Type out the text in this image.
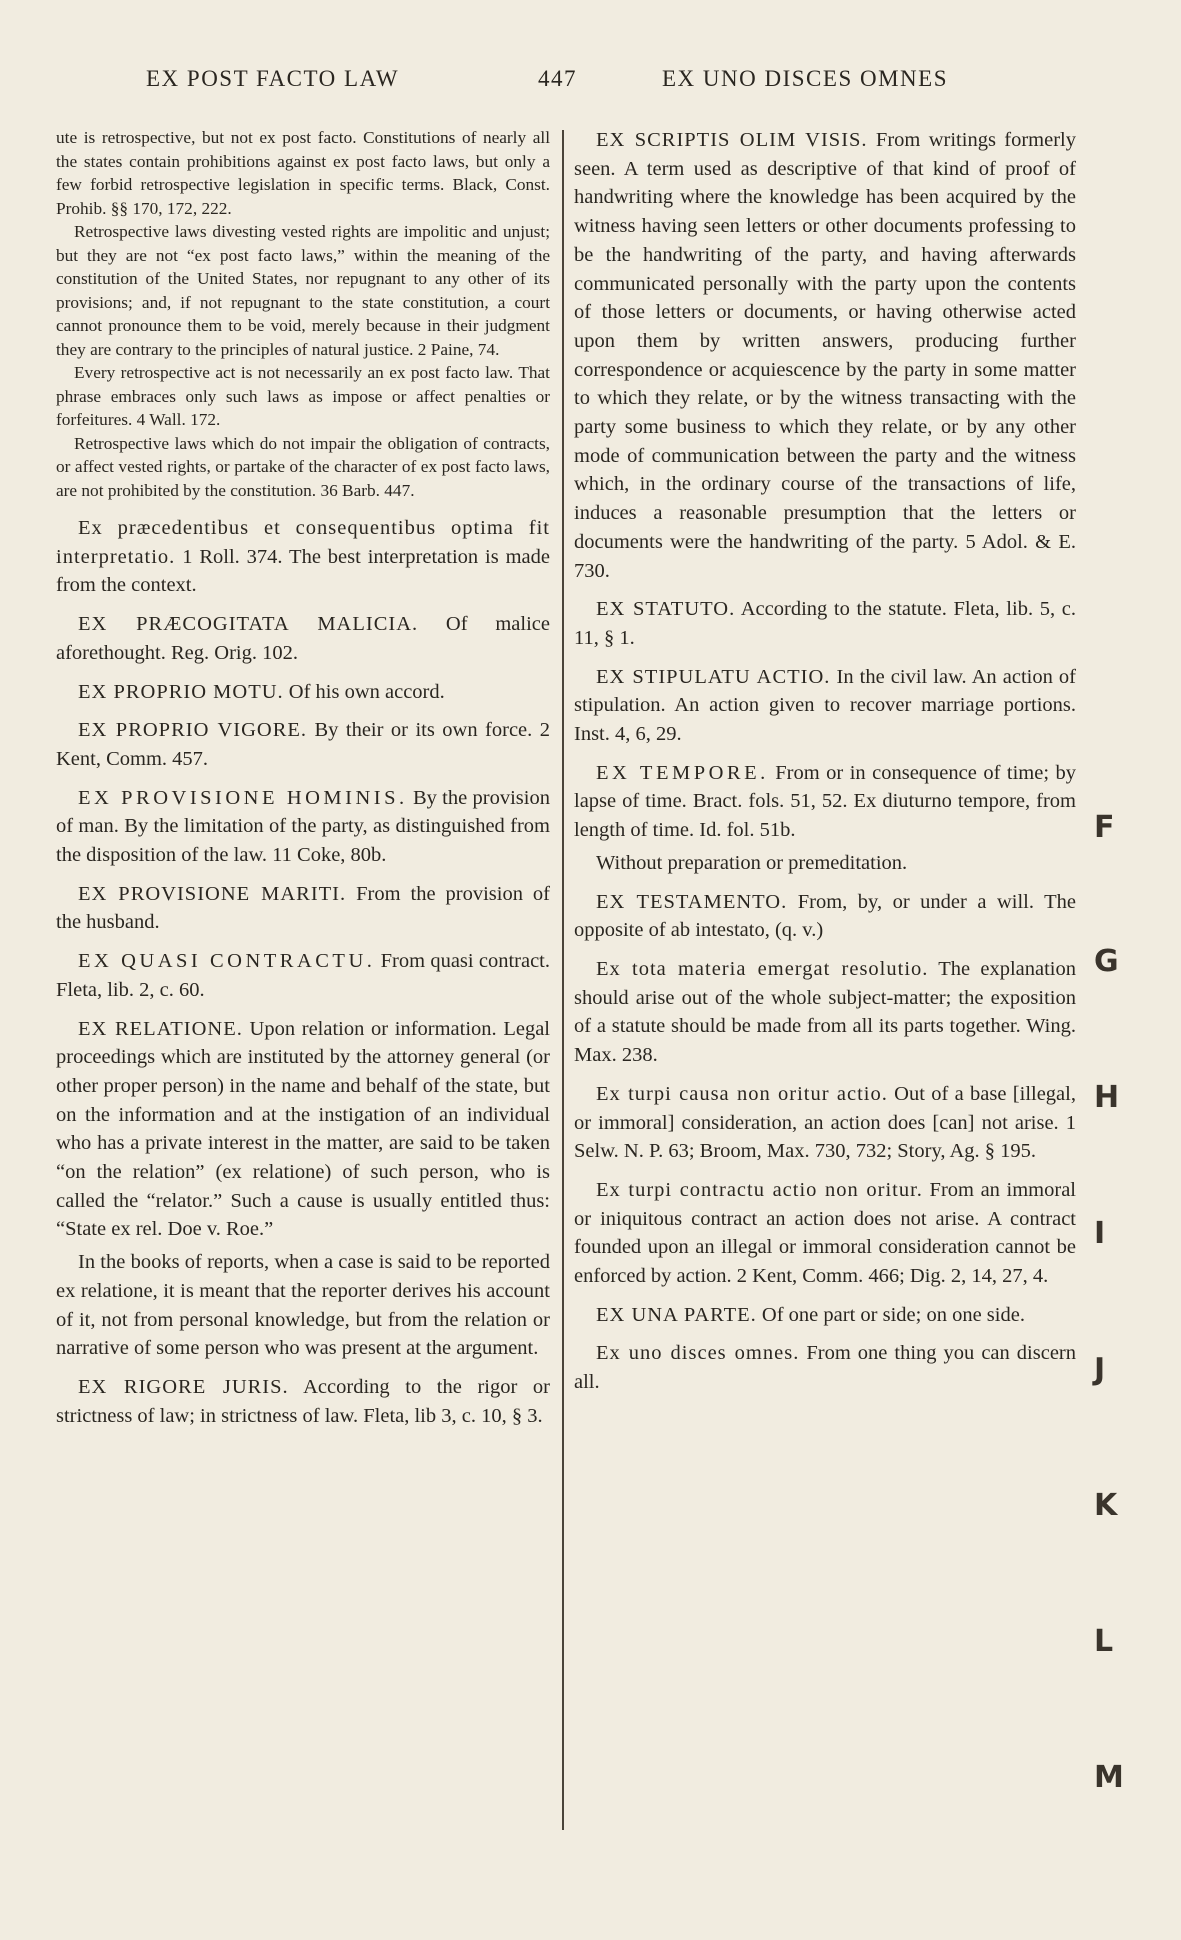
EX POST FACTO LAW	447	EX UNO DISCES OMNES

ute is retrospective, but not ex post facto. Constitutions of nearly all the states contain prohibitions against ex post facto laws, but only a few forbid retrospective legislation in specific terms. Black, Const. Prohib. §§ 170, 172, 222.

Retrospective laws divesting vested rights are impolitic and unjust; but they are not “ex post facto laws,” within the meaning of the constitution of the United States, nor repugnant to any other of its provisions; and, if not repugnant to the state constitution, a court cannot pronounce them to be void, merely because in their judgment they are contrary to the principles of natural justice. 2 Paine, 74.

Every retrospective act is not necessarily an ex post facto law. That phrase embraces only such laws as impose or affect penalties or forfeitures. 4 Wall. 172.

Retrospective laws which do not impair the obligation of contracts, or affect vested rights, or partake of the character of ex post facto laws, are not prohibited by the constitution. 36 Barb. 447.

Ex præcedentibus et consequentibus optima fit interpretatio. 1 Roll. 374. The best interpretation is made from the context.

EX PRÆCOGITATA MALICIA. Of malice aforethought. Reg. Orig. 102.

EX PROPRIO MOTU. Of his own accord.

EX PROPRIO VIGORE. By their or its own force. 2 Kent, Comm. 457.

EX PROVISIONE HOMINIS. By the provision of man. By the limitation of the party, as distinguished from the disposition of the law. 11 Coke, 80b.

EX PROVISIONE MARITI. From the provision of the husband.

EX QUASI CONTRACTU. From quasi contract. Fleta, lib. 2, c. 60.

EX RELATIONE. Upon relation or information. Legal proceedings which are instituted by the attorney general (or other proper person) in the name and behalf of the state, but on the information and at the instigation of an individual who has a private interest in the matter, are said to be taken “on the relation” (ex relatione) of such person, who is called the “relator.” Such a cause is usually entitled thus: “State ex rel. Doe v. Roe.”

In the books of reports, when a case is said to be reported ex relatione, it is meant that the reporter derives his account of it, not from personal knowledge, but from the relation or narrative of some person who was present at the argument.

EX RIGORE JURIS. According to the rigor or strictness of law; in strictness of law. Fleta, lib 3, c. 10, § 3.

EX SCRIPTIS OLIM VISIS. From writings formerly seen. A term used as descriptive of that kind of proof of handwriting where the knowledge has been acquired by the witness having seen letters or other documents professing to be the handwriting of the party, and having afterwards communicated personally with the party upon the contents of those letters or documents, or having otherwise acted upon them by written answers, producing further correspondence or acquiescence by the party in some matter to which they relate, or by the witness transacting with the party some business to which they relate, or by any other mode of communication between the party and the witness which, in the ordinary course of the transactions of life, induces a reasonable presumption that the letters or documents were the handwriting of the party. 5 Adol. & E. 730.

EX STATUTO. According to the statute. Fleta, lib. 5, c. 11, § 1.

EX STIPULATU ACTIO. In the civil law. An action of stipulation. An action given to recover marriage portions. Inst. 4, 6, 29.

EX TEMPORE. From or in consequence of time; by lapse of time. Bract. fols. 51, 52. Ex diuturno tempore, from length of time. Id. fol. 51b.

Without preparation or premeditation.

EX TESTAMENTO. From, by, or under a will. The opposite of ab intestato, (q. v.)

Ex tota materia emergat resolutio. The explanation should arise out of the whole subject-matter; the exposition of a statute should be made from all its parts together. Wing. Max. 238.

Ex turpi causa non oritur actio. Out of a base [illegal, or immoral] consideration, an action does [can] not arise. 1 Selw. N. P. 63; Broom, Max. 730, 732; Story, Ag. § 195.

Ex turpi contractu actio non oritur. From an immoral or iniquitous contract an action does not arise. A contract founded upon an illegal or immoral consideration cannot be enforced by action. 2 Kent, Comm. 466; Dig. 2, 14, 27, 4.

EX UNA PARTE. Of one part or side; on one side.

Ex uno disces omnes. From one thing you can discern all.

F
G
H
I
J
K
L
M
